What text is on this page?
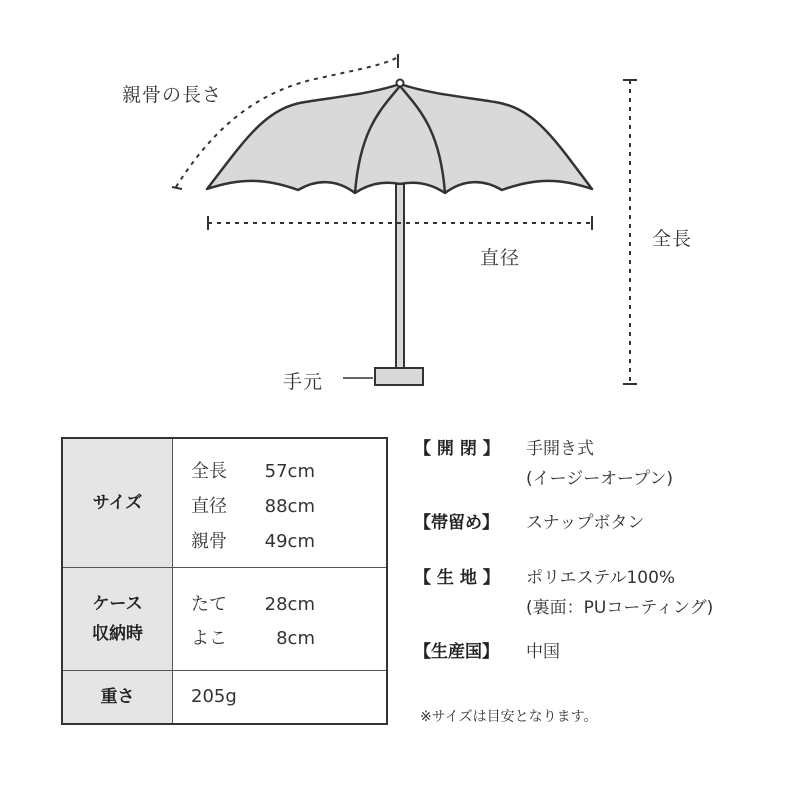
親骨の長さ
全長
直径
手元
サイズ
全長 57cm
直径 88cm
親骨 49cm
ケース
収納時
たて 28cm
よこ	8cm
重さ	205g
【 開 閉 】 手開き式
(イージーオープン)
【帯留め】 スナップボタン
【 生 地 】 ポリエステル100%
(裏面：PUコーティング)
【生産国】 中国
※サイズは目安となります。
